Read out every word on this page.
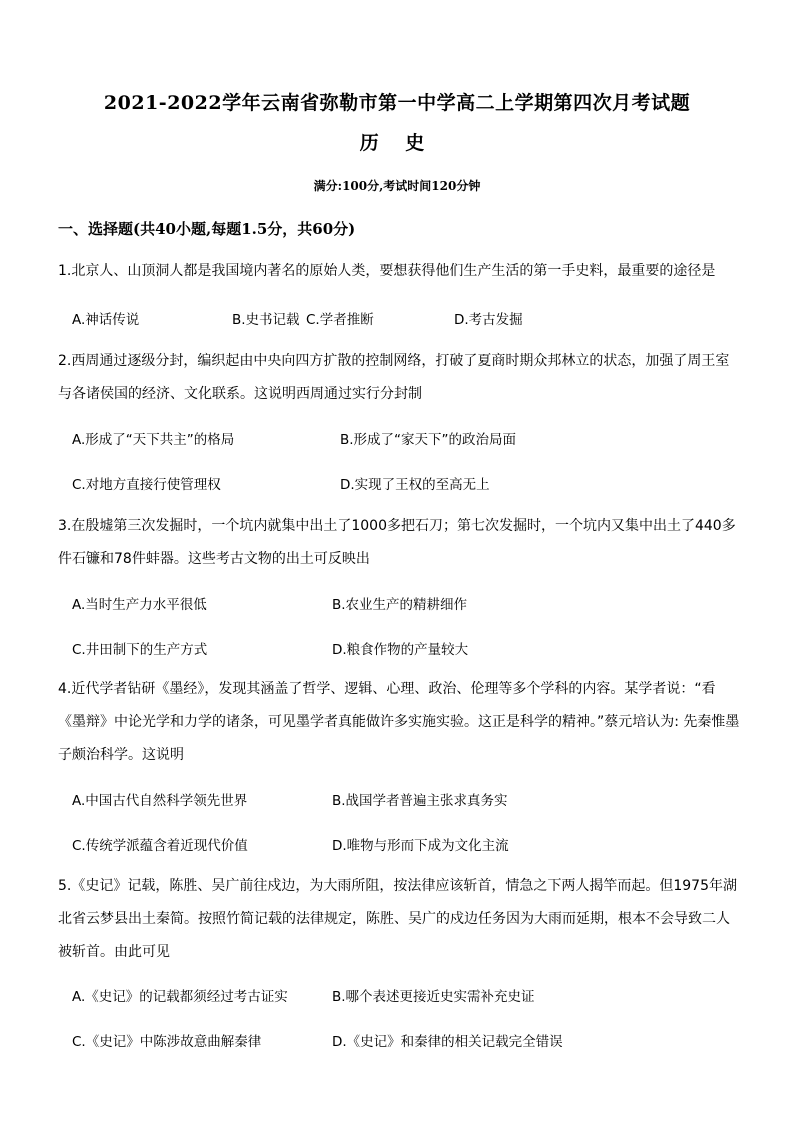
2021-2022学年云南省弥勒市第一中学高二上学期第四次月考试题
历 史
满分:100分,考试时间120分钟
一、选择题(共40小题,每题1.5分，共60分)
1.北京人、山顶洞人都是我国境内著名的原始人类，要想获得他们生产生活的第一手史料，最重要的途径是
A.神话传说	B.史书记载 C.学者推断	D.考古发掘
2.西周通过逐级分封，编织起由中央向四方扩散的控制网络，打破了夏商时期众邦林立的状态，加强了周王室与各诸侯国的经济、文化联系。这说明西周通过实行分封制
A.形成了“天下共主”的格局	B.形成了“家天下”的政治局面
C.对地方直接行使管理权	D.实现了王权的至高无上
3.在殷墟第三次发掘时，一个坑内就集中出土了1000多把石刀；第七次发掘时，一个坑内又集中出土了440多件石镰和78件蚌器。这些考古文物的出土可反映出
A.当时生产力水平很低	B.农业生产的精耕细作
C.井田制下的生产方式	D.粮食作物的产量较大
4.近代学者钻研《墨经》，发现其涵盖了哲学、逻辑、心理、政治、伦理等多个学科的内容。某学者说：“看《墨辩》中论光学和力学的诸条，可见墨学者真能做许多实施实验。这正是科学的精神。”蔡元培认为: 先秦惟墨子颇治科学。这说明
A.中国古代自然科学领先世界	B.战国学者普遍主张求真务实
C.传统学派蕴含着近现代价值	D.唯物与形而下成为文化主流
5.《史记》记载，陈胜、吴广前往戍边，为大雨所阻，按法律应该斩首，情急之下两人揭竿而起。但1975年湖北省云梦县出土秦简。按照竹简记载的法律规定，陈胜、吴广的戍边任务因为大雨而延期，根本不会导致二人被斩首。由此可见
A.《史记》的记载都须经过考古证实	B.哪个表述更接近史实需补充史证
C.《史记》中陈涉故意曲解秦律	D.《史记》和秦律的相关记载完全错误
